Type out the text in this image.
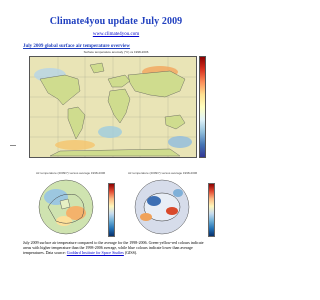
Climate4you update July 2009
www.climate4you.com
July 2009 global surface air temperature overview
Surface temperature anomaly (°C) vs 1998-2006
Air temperature (2009/7) versus average 1998-2006	Air temperature (2009/7) versus average 1998-2006
July 2009 surface air temperature compared to the average for the 1998-2006. Green-yellow-red colours indicate areas with higher temperature than the 1998-2006 average, while blue colours indicate lower than average temperatures. Data source: Goddard Institute for Space Studies (GISS).
